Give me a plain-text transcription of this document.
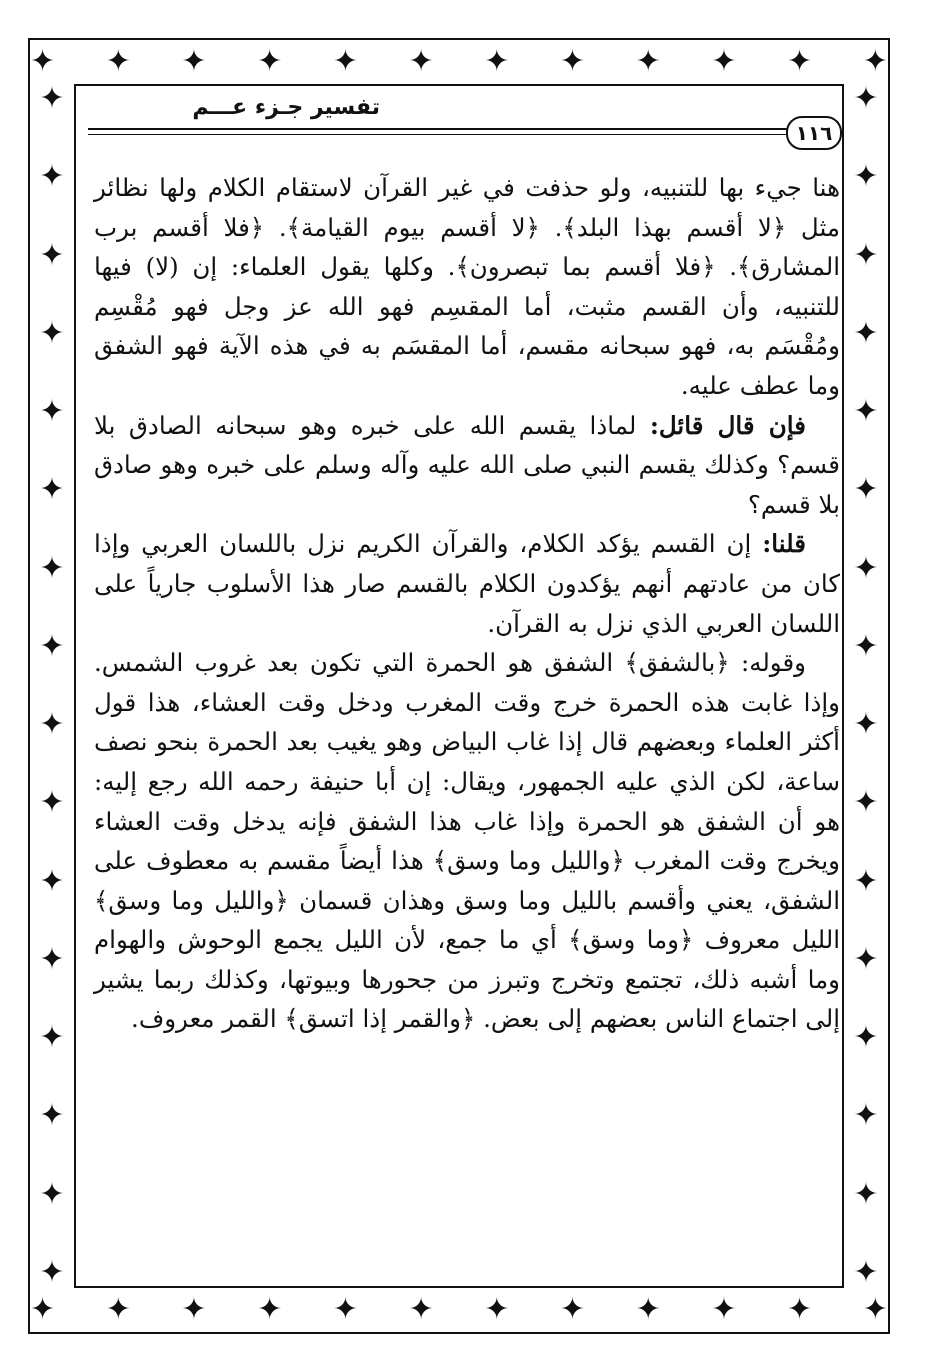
✦ ✦ ✦ ✦ ✦ ✦ ✦ ✦ ✦ ✦ ✦ ✦
✦ ✦ ✦ ✦ ✦ ✦ ✦ ✦ ✦ ✦ ✦ ✦
✦
✦
✦
✦
✦
✦
✦
✦
✦
✦
✦
✦
✦
✦
✦
✦
✦
✦
✦
✦
✦
✦
✦
✦
✦
✦
✦
✦
✦
✦
✦
✦
تفسير جـزء عـــم
١١٦

هنا جيء بها للتنبيه، ولو حذفت في غير القرآن لاستقام الكلام ولها نظائر مثل ﴿لا أقسم بهذا البلد﴾. ﴿لا أقسم بيوم القيامة﴾. ﴿فلا أقسم برب المشارق﴾. ﴿فلا أقسم بما تبصرون﴾. وكلها يقول العلماء: إن (لا) فيها للتنبيه، وأن القسم مثبت، أما المقسِم فهو الله عز وجل فهو مُقْسِم ومُقْسَم به، فهو سبحانه مقسم، أما المقسَم به في هذه الآية فهو الشفق وما عطف عليه.

فإن قال قائل: لماذا يقسم الله على خبره وهو سبحانه الصادق بلا قسم؟ وكذلك يقسم النبي صلى الله عليه وآله وسلم على خبره وهو صادق بلا قسم؟

قلنا: إن القسم يؤكد الكلام، والقرآن الكريم نزل باللسان العربي وإذا كان من عادتهم أنهم يؤكدون الكلام بالقسم صار هذا الأسلوب جارياً على اللسان العربي الذي نزل به القرآن.

وقوله: ﴿بالشفق﴾ الشفق هو الحمرة التي تكون بعد غروب الشمس. وإذا غابت هذه الحمرة خرج وقت المغرب ودخل وقت العشاء، هذا قول أكثر العلماء وبعضهم قال إذا غاب البياض وهو يغيب بعد الحمرة بنحو نصف ساعة، لكن الذي عليه الجمهور، ويقال: إن أبا حنيفة رحمه الله رجع إليه: هو أن الشفق هو الحمرة وإذا غاب هذا الشفق فإنه يدخل وقت العشاء ويخرج وقت المغرب ﴿والليل وما وسق﴾ هذا أيضاً مقسم به معطوف على الشفق، يعني وأقسم بالليل وما وسق وهذان قسمان ﴿والليل وما وسق﴾ الليل معروف ﴿وما وسق﴾ أي ما جمع، لأن الليل يجمع الوحوش والهوام وما أشبه ذلك، تجتمع وتخرج وتبرز من جحورها وبيوتها، وكذلك ربما يشير إلى اجتماع الناس بعضهم إلى بعض. ﴿والقمر إذا اتسق﴾ القمر معروف.
